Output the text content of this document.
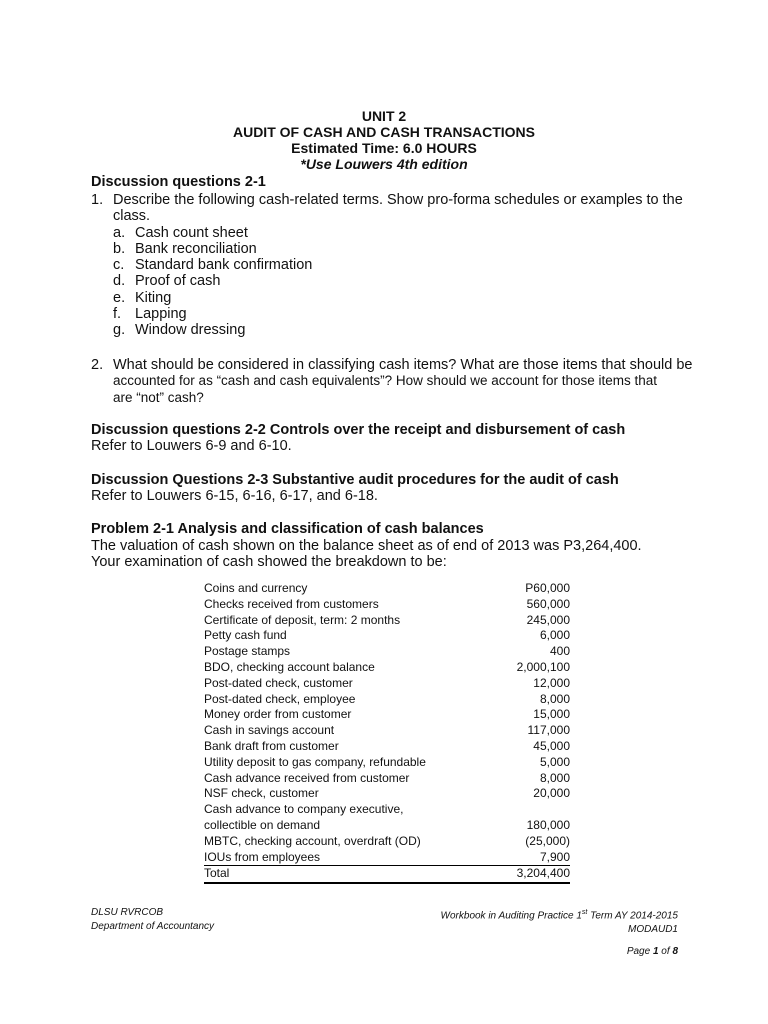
UNIT 2
AUDIT OF CASH AND CASH TRANSACTIONS
Estimated Time: 6.0 HOURS
*Use Louwers 4th edition
Discussion questions 2-1
1. Describe the following cash-related terms. Show pro-forma schedules or examples to the class.
a. Cash count sheet
b. Bank reconciliation
c. Standard bank confirmation
d. Proof of cash
e. Kiting
f. Lapping
g. Window dressing
2. What should be considered in classifying cash items? What are those items that should be
accounted for as “cash and cash equivalents”? How should we account for those items that
are “not” cash?
Discussion questions 2-2 Controls over the receipt and disbursement of cash
Refer to Louwers 6-9 and 6-10.
Discussion Questions 2-3 Substantive audit procedures for the audit of cash
Refer to Louwers 6-15, 6-16, 6-17, and 6-18.
Problem 2-1 Analysis and classification of cash balances
The valuation of cash shown on the balance sheet as of end of 2013 was P3,264,400.
Your examination of cash showed the breakdown to be:
Coins and currency	P60,000
Checks received from customers	560,000
Certificate of deposit, term: 2 months	245,000
Petty cash fund	6,000
Postage stamps	400
BDO, checking account balance	2,000,100
Post-dated check, customer	12,000
Post-dated check, employee	8,000
Money order from customer	15,000
Cash in savings account	117,000
Bank draft from customer	45,000
Utility deposit to gas company, refundable	5,000
Cash advance received from customer	8,000
NSF check, customer	20,000
Cash advance to company executive,	
collectible on demand	180,000
MBTC, checking account, overdraft (OD)	(25,000)
IOUs from employees	7,900
Total	3,204,400
DLSU RVRCOB
Department of Accountancy
Workbook in Auditing Practice 1st Term AY 2014-2015
MODAUD1
Page 1 of 8
